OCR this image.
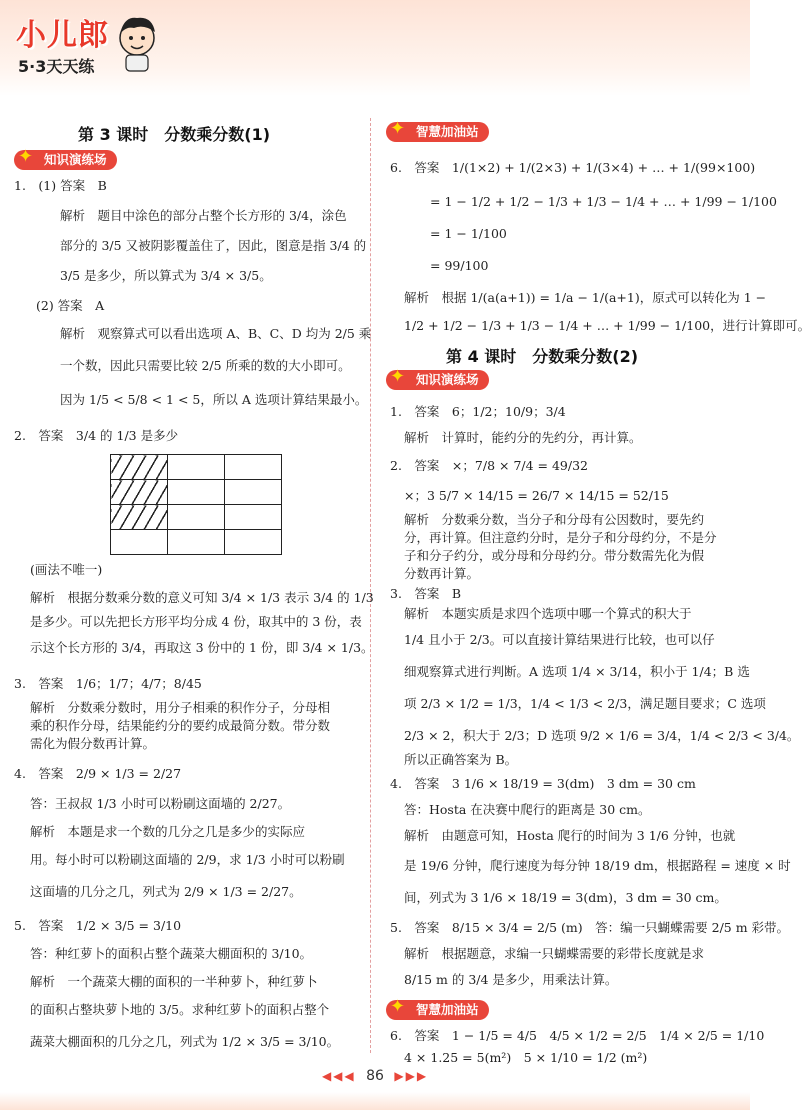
小儿郎
5·3天天练
第 3 课时　分数乘分数(1)
✦ 知识演练场
1.　(1) 答案　B
解析　题目中涂色的部分占整个长方形的 3/4，涂色
部分的 3/5 又被阴影覆盖住了，因此，图意是指 3/4 的
3/5 是多少，所以算式为 3/4 × 3/5。
(2) 答案　A
解析　观察算式可以看出选项 A、B、C、D 均为 2/5 乘
一个数，因此只需要比较 2/5 所乘的数的大小即可。
因为 1/5 < 5/8 < 1 < 5，所以 A 选项计算结果最小。
2.　答案　3/4 的 1/3 是多少

(画法不唯一)
解析　根据分数乘分数的意义可知 3/4 × 1/3 表示 3/4 的 1/3
是多少。可以先把长方形平均分成 4 份，取其中的 3 份，表
示这个长方形的 3/4，再取这 3 份中的 1 份，即 3/4 × 1/3。
3.　答案　1/6；1/7；4/7；8/45
解析　分数乘分数时，用分子相乘的积作分子，分母相
乘的积作分母，结果能约分的要约成最简分数。带分数
需化为假分数再计算。
4.　答案　2/9 × 1/3 = 2/27
答：王叔叔 1/3 小时可以粉刷这面墙的 2/27。
解析　本题是求一个数的几分之几是多少的实际应
用。每小时可以粉刷这面墙的 2/9，求 1/3 小时可以粉刷
这面墙的几分之几，列式为 2/9 × 1/3 = 2/27。
5.　答案　1/2 × 3/5 = 3/10
答：种红萝卜的面积占整个蔬菜大棚面积的 3/10。
解析　一个蔬菜大棚的面积的一半种萝卜，种红萝卜
的面积占整块萝卜地的 3/5。求种红萝卜的面积占整个
蔬菜大棚面积的几分之几，列式为 1/2 × 3/5 = 3/10。
✦ 智慧加油站
6.　答案　1/(1×2) + 1/(2×3) + 1/(3×4) + … + 1/(99×100)
= 1 − 1/2 + 1/2 − 1/3 + 1/3 − 1/4 + … + 1/99 − 1/100
= 1 − 1/100
= 99/100
解析　根据 1/(a(a+1)) = 1/a − 1/(a+1)，原式可以转化为 1 −
1/2 + 1/2 − 1/3 + 1/3 − 1/4 + … + 1/99 − 1/100，进行计算即可。
第 4 课时　分数乘分数(2)
✦ 知识演练场
1.　答案　6；1/2；10/9；3/4
解析　计算时，能约分的先约分，再计算。
2.　答案　×；7/8 × 7/4 = 49/32
×；3 5/7 × 14/15 = 26/7 × 14/15 = 52/15
解析　分数乘分数，当分子和分母有公因数时，要先约
分，再计算。但注意约分时，是分子和分母约分，不是分
子和分子约分，或分母和分母约分。带分数需先化为假
分数再计算。
3.　答案　B
解析　本题实质是求四个选项中哪一个算式的积大于
1/4 且小于 2/3。可以直接计算结果进行比较，也可以仔
细观察算式进行判断。A 选项 1/4 × 3/14，积小于 1/4；B 选
项 2/3 × 1/2 = 1/3，1/4 < 1/3 < 2/3，满足题目要求；C 选项
2/3 × 2，积大于 2/3；D 选项 9/2 × 1/6 = 3/4，1/4 < 2/3 < 3/4。
所以正确答案为 B。
4.　答案　3 1/6 × 18/19 = 3(dm)　3 dm = 30 cm
答：Hosta 在决赛中爬行的距离是 30 cm。
解析　由题意可知，Hosta 爬行的时间为 3 1/6 分钟，也就
是 19/6 分钟，爬行速度为每分钟 18/19 dm，根据路程 = 速度 × 时
间，列式为 3 1/6 × 18/19 = 3(dm)，3 dm = 30 cm。
5.　答案　8/15 × 3/4 = 2/5 (m)　答：编一只蝴蝶需要 2/5 m 彩带。
解析　根据题意，求编一只蝴蝶需要的彩带长度就是求
8/15 m 的 3/4 是多少，用乘法计算。
✦ 智慧加油站
6.　答案　1 − 1/5 = 4/5　4/5 × 1/2 = 2/5　1/4 × 2/5 = 1/10
4 × 1.25 = 5(m²)　5 × 1/10 = 1/2 (m²)
◀◀◀ 86 ▶▶▶
